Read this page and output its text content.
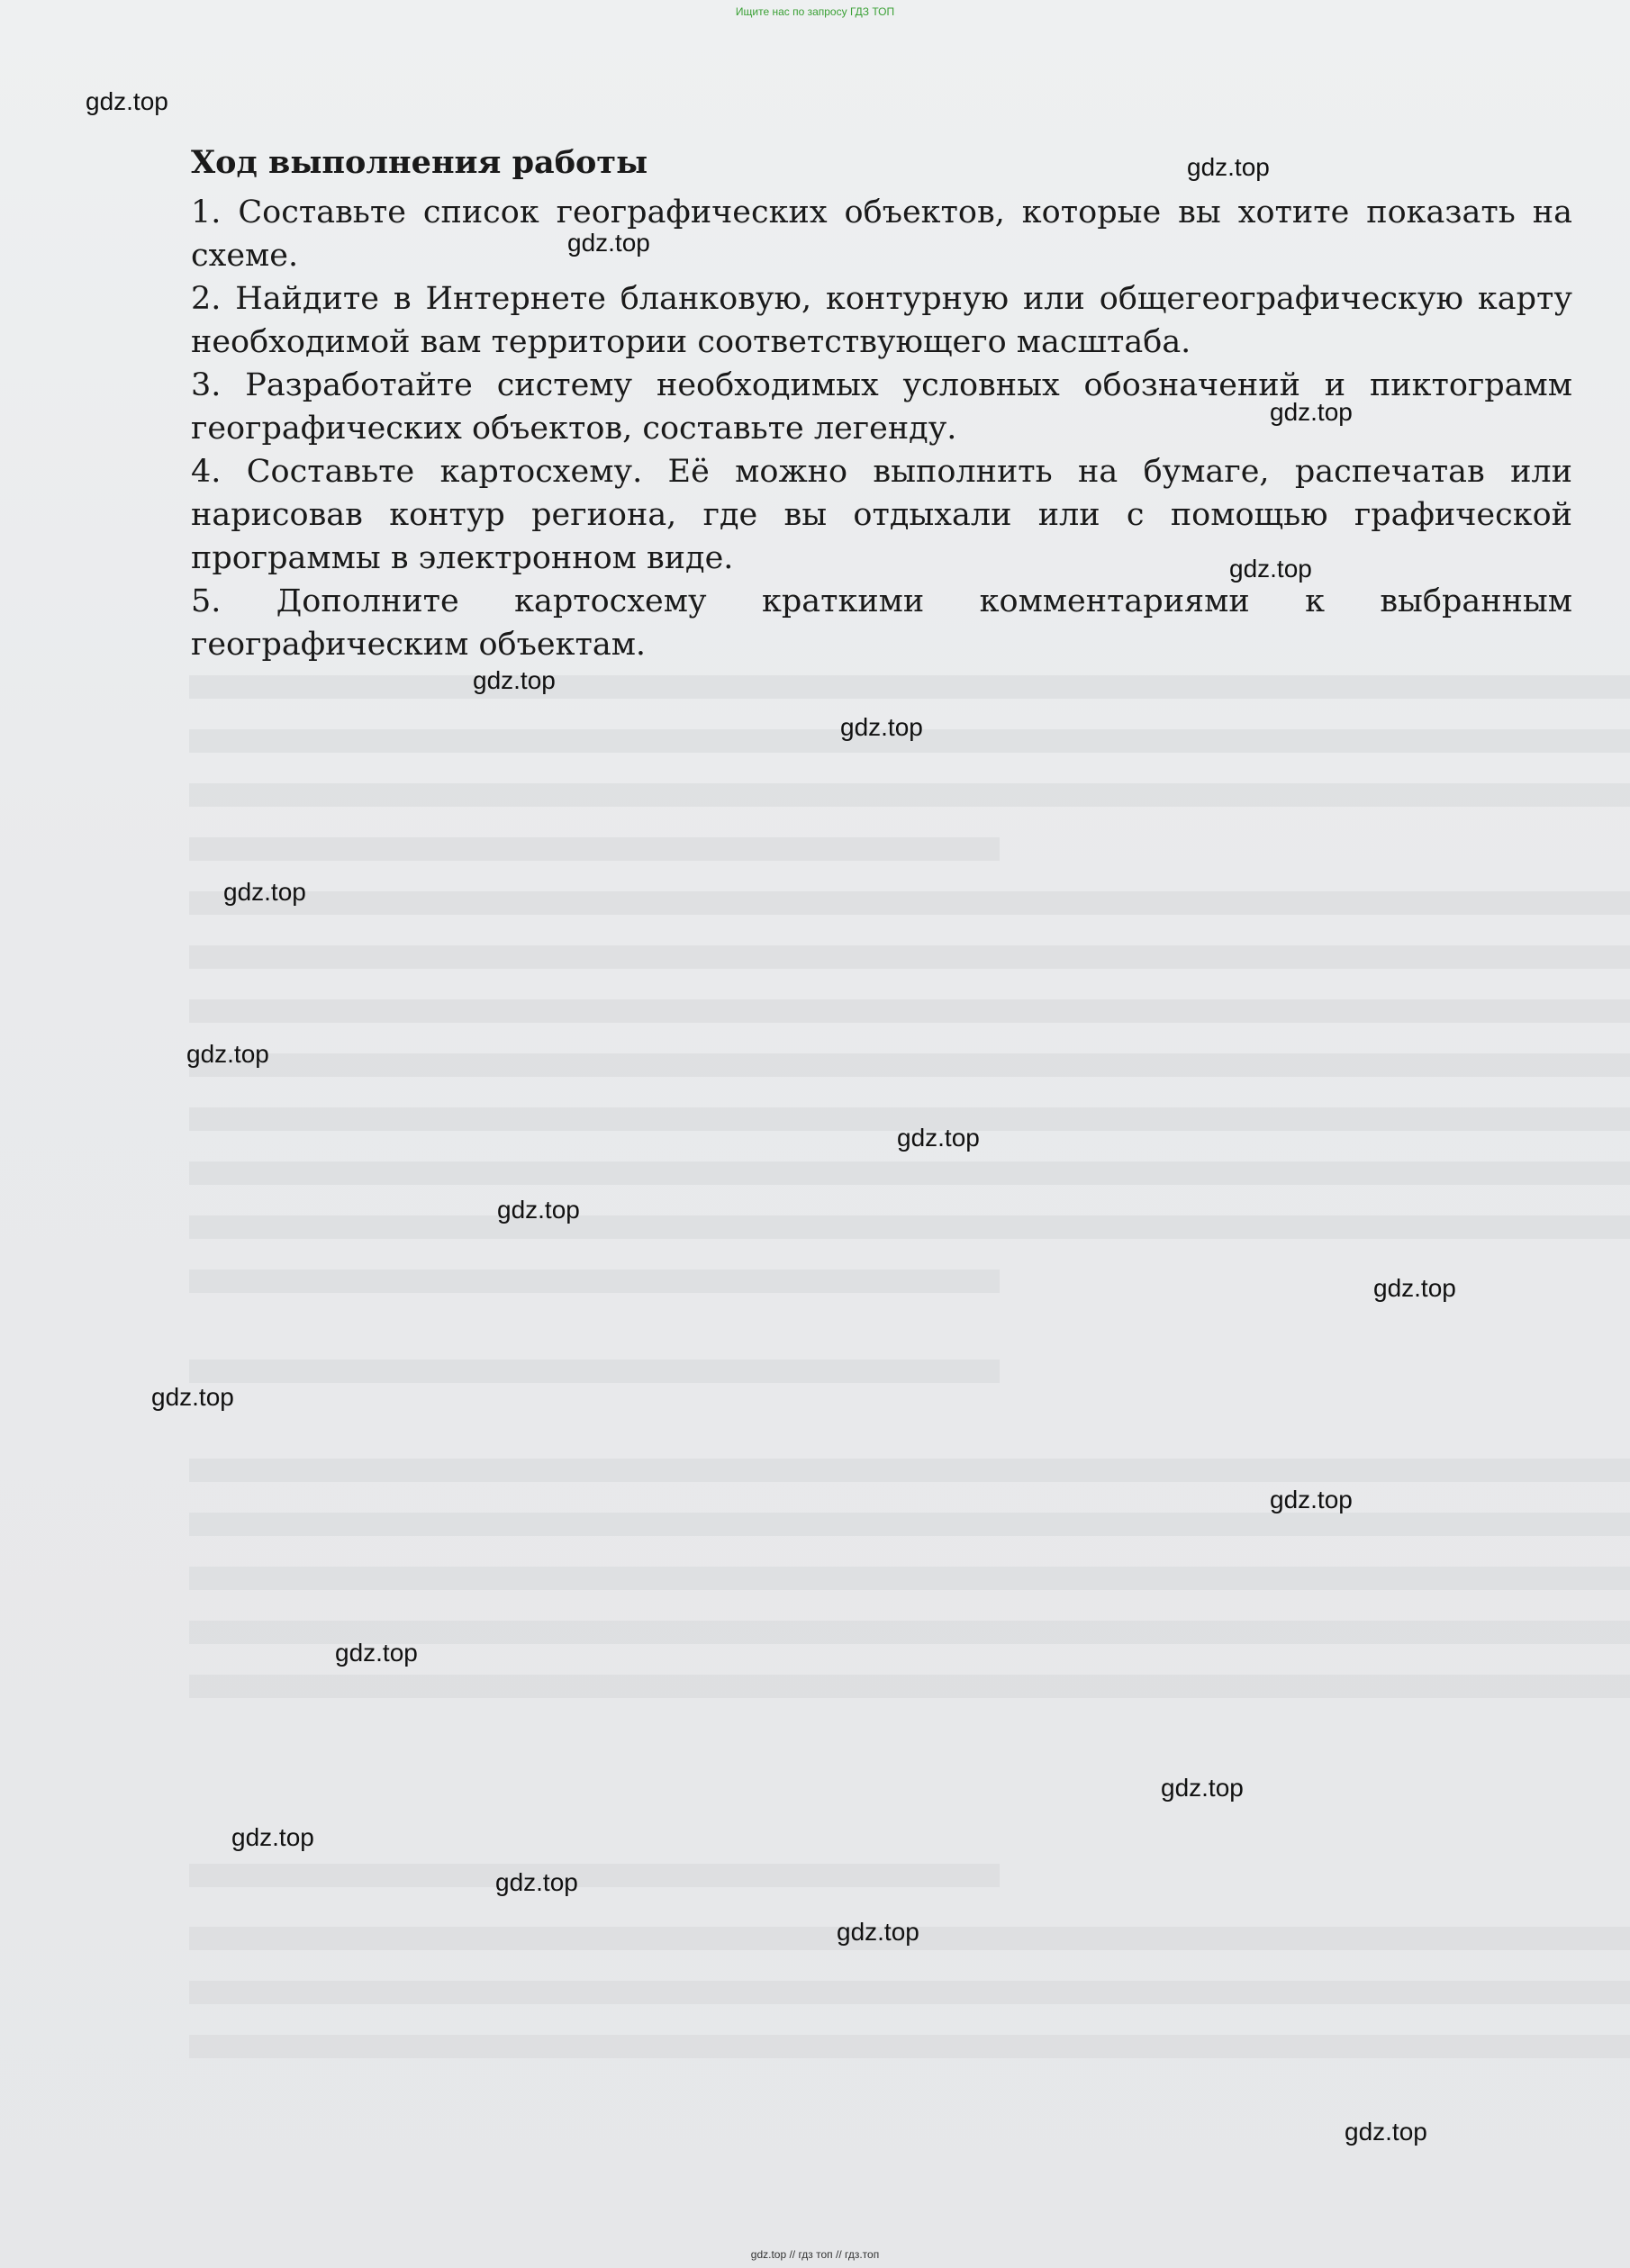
Ищите нас по запросу ГДЗ ТОП
Ход выполнения работы
1. Составьте список географических объектов, которые вы хотите показать на схеме.
2. Найдите в Интернете бланковую, контурную или общегеографическую карту необходимой вам территории соответствующего масштаба.
3. Разработайте систему необходимых условных обозначений и пиктограмм географических объектов, составьте легенду.
4. Составьте картосхему. Её можно выполнить на бумаге, распечатав или нарисовав контур региона, где вы отдыхали или с помощью графической программы в электронном виде.
5. Дополните картосхему краткими комментариями к выбранным географическим объектам.
gdz.top
gdz.top
gdz.top
gdz.top
gdz.top
gdz.top
gdz.top
gdz.top
gdz.top
gdz.top
gdz.top
gdz.top
gdz.top
gdz.top
gdz.top
gdz.top
gdz.top
gdz.top
gdz.top
gdz.top
gdz.top // гдз топ // гдз.топ
